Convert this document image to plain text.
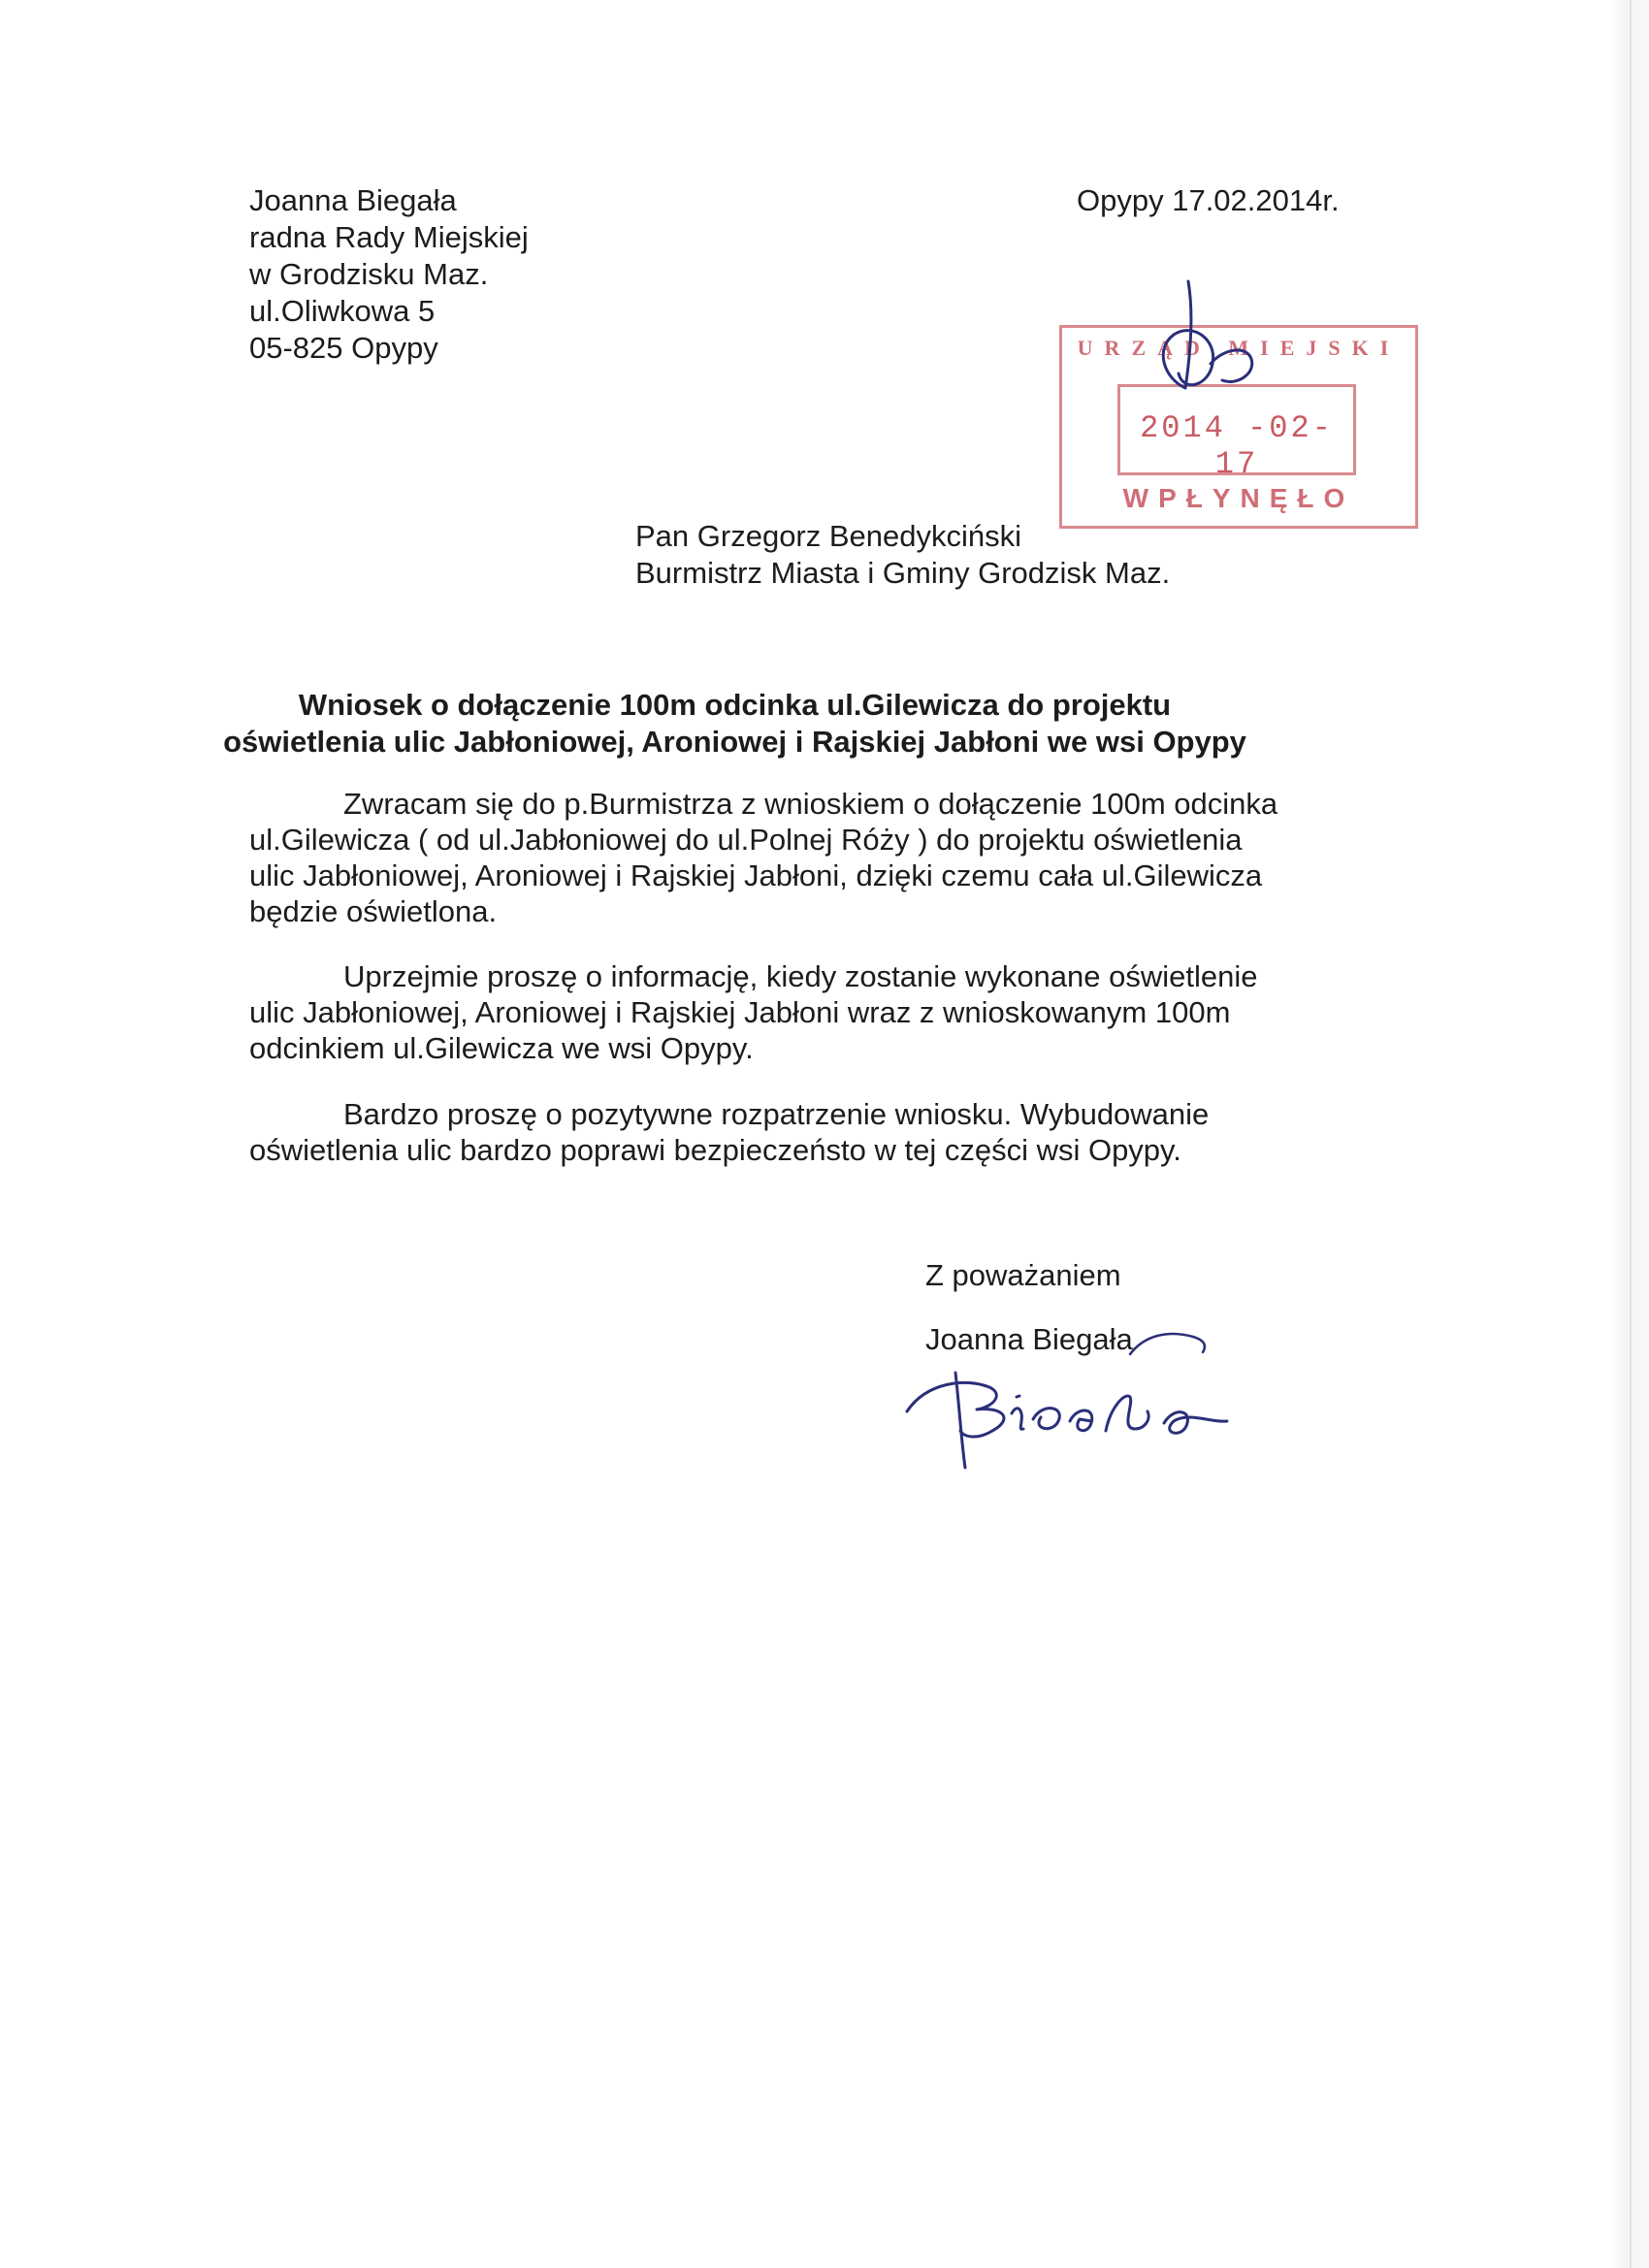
Joanna Biegała
radna Rady Miejskiej
w Grodzisku Maz.
ul.Oliwkowa 5
05-825 Opypy
Opypy 17.02.2014r.
URZĄD MIEJSKI
2014 -02- 17
WPŁYNĘŁO
Pan Grzegorz Benedykciński
Burmistrz Miasta i Gminy Grodzisk Maz.
Wniosek o dołączenie 100m odcinka ul.Gilewicza do projektu
oświetlenia ulic Jabłoniowej, Aroniowej i Rajskiej Jabłoni we wsi Opypy
Zwracam się do p.Burmistrza z wnioskiem o dołączenie 100m odcinka
ul.Gilewicza ( od ul.Jabłoniowej do ul.Polnej Róży ) do projektu oświetlenia
ulic Jabłoniowej, Aroniowej i Rajskiej Jabłoni, dzięki czemu cała ul.Gilewicza
będzie oświetlona.
Uprzejmie proszę o informację, kiedy zostanie wykonane oświetlenie
ulic Jabłoniowej, Aroniowej i Rajskiej Jabłoni wraz z wnioskowanym 100m
odcinkiem ul.Gilewicza we wsi Opypy.
Bardzo proszę o pozytywne rozpatrzenie wniosku. Wybudowanie
oświetlenia ulic bardzo poprawi bezpieczeństo w tej części wsi Opypy.
Z poważaniem
Joanna Biegała
